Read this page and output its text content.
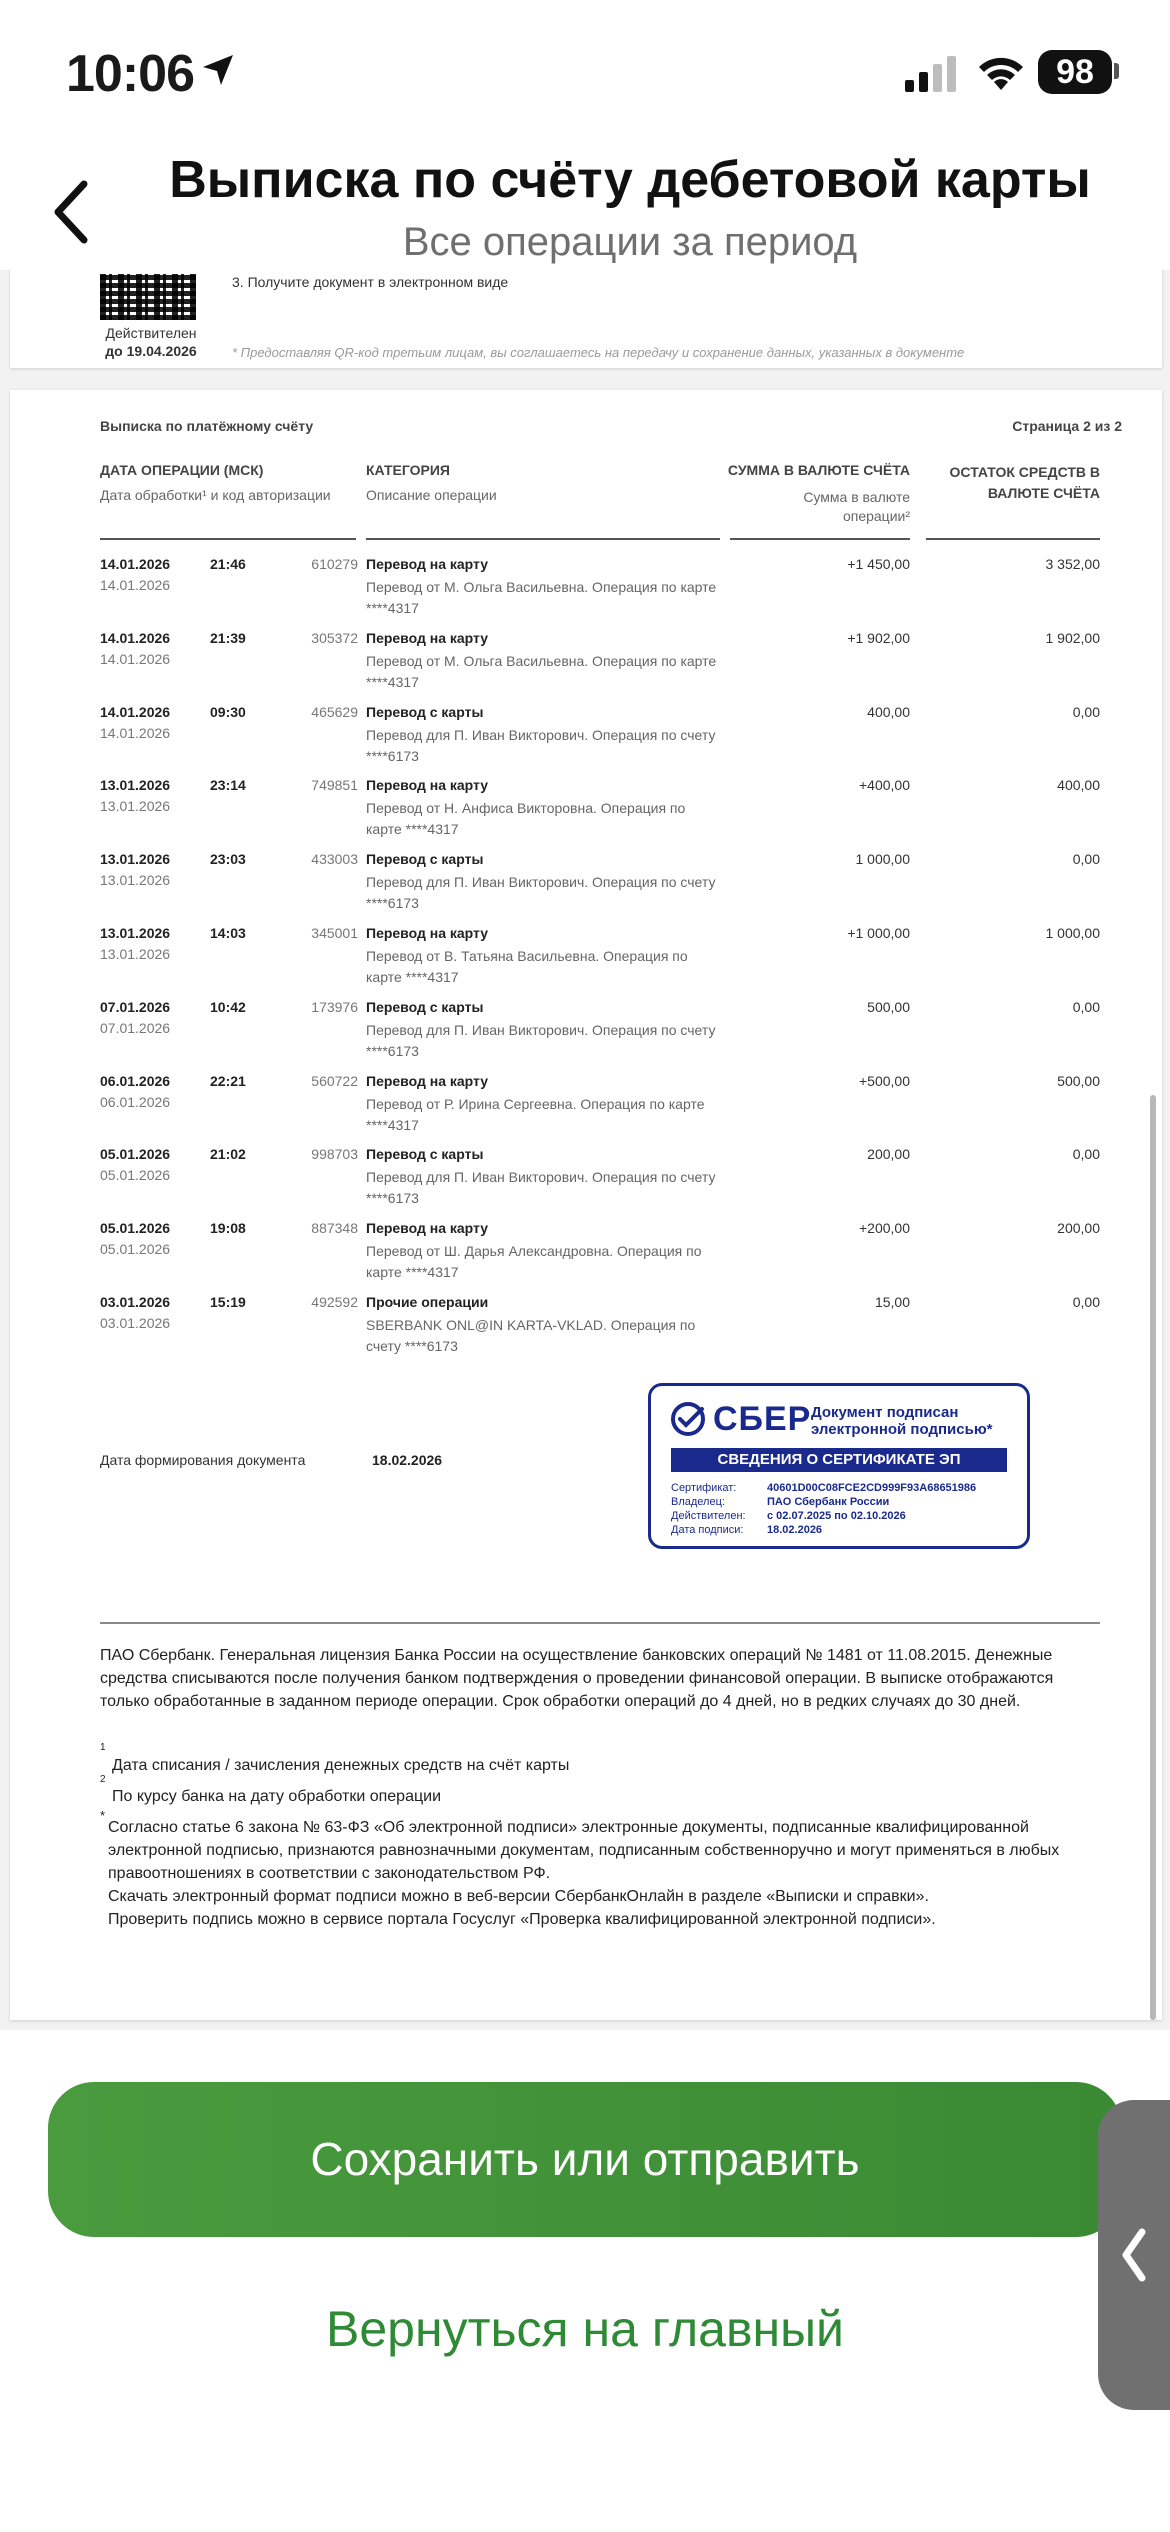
10:06	98
Выписка по счёту дебетовой карты
Все операции за период
Действителен
до 19.04.2026
3. Получите документ в электронном виде
* Предоставляя QR-код третьим лицам, вы соглашаетесь на передачу и сохранение данных, указанных в документе
Выписка по платёжному счёту	Страница 2 из 2
ДАТА ОПЕРАЦИИ (МСК)
Дата обработки¹ и код авторизации
КАТЕГОРИЯ
Описание операции
СУММА В ВАЛЮТЕ СЧЁТА
Сумма в валюте операции²
ОСТАТОК СРЕДСТВ В ВАЛЮТЕ СЧЁТА
14.01.2026
14.01.2026
21:46	610279 Перевод на карту
Перевод от М. Ольга Васильевна. Операция по карте ****4317
+1 450,00	3 352,00
14.01.2026
14.01.2026
21:39	305372 Перевод на карту
Перевод от М. Ольга Васильевна. Операция по карте ****4317
+1 902,00	1 902,00
14.01.2026
14.01.2026
09:30	465629 Перевод с карты
Перевод для П. Иван Викторович. Операция по счету ****6173
400,00	0,00
13.01.2026
13.01.2026
23:14	749851 Перевод на карту
Перевод от Н. Анфиса Викторовна. Операция по карте ****4317
+400,00	400,00
13.01.2026
13.01.2026
23:03	433003 Перевод с карты
Перевод для П. Иван Викторович. Операция по счету ****6173
1 000,00	0,00
13.01.2026
13.01.2026
14:03	345001 Перевод на карту
Перевод от В. Татьяна Васильевна. Операция по карте ****4317
+1 000,00	1 000,00
07.01.2026
07.01.2026
10:42	173976 Перевод с карты
Перевод для П. Иван Викторович. Операция по счету ****6173
500,00	0,00
06.01.2026
06.01.2026
22:21	560722 Перевод на карту
Перевод от Р. Ирина Сергеевна. Операция по карте ****4317
+500,00	500,00
05.01.2026
05.01.2026
21:02	998703 Перевод с карты
Перевод для П. Иван Викторович. Операция по счету ****6173
200,00	0,00
05.01.2026
05.01.2026
19:08	887348 Перевод на карту
Перевод от Ш. Дарья Александровна. Операция по карте ****4317
+200,00	200,00
03.01.2026
03.01.2026
15:19	492592 Прочие операции
SBERBANK ONL@IN KARTA-VKLAD. Операция по счету ****6173
15,00	0,00
Дата формирования документа	18.02.2026
СБЕР Документ подписан электронной подписью*
СВЕДЕНИЯ О СЕРТИФИКАТЕ ЭП
Сертификат:	40601D00C08FCE2CD999F93A68651986
Владелец:	ПАО Сбербанк России
Действителен: с 02.07.2025 по 02.10.2026
Дата подписи: 18.02.2026
ПАО Сбербанк. Генеральная лицензия Банка России на осуществление банковских операций № 1481 от 11.08.2015. Денежные средства списываются после получения банком подтверждения о проведении финансовой операции. В выписке отображаются только обработанные в заданном периоде операции. Срок обработки операций до 4 дней, но в редких случаях до 30 дней.
1
Дата списания / зачисления денежных средств на счёт карты
2
По курсу банка на дату обработки операции
*
Согласно статье 6 закона № 63-ФЗ «Об электронной подписи» электронные документы, подписанные квалифицированной электронной подписью, признаются равнозначными документам, подписанным собственноручно и могут применяться в любых правоотношениях в соответствии с законодательством РФ.
Скачать электронный формат подписи можно в веб-версии СбербанкОнлайн в разделе «Выписки и справки».
Проверить подпись можно в сервисе портала Госуслуг «Проверка квалифицированной электронной подписи».
Сохранить или отправить
Вернуться на главный
